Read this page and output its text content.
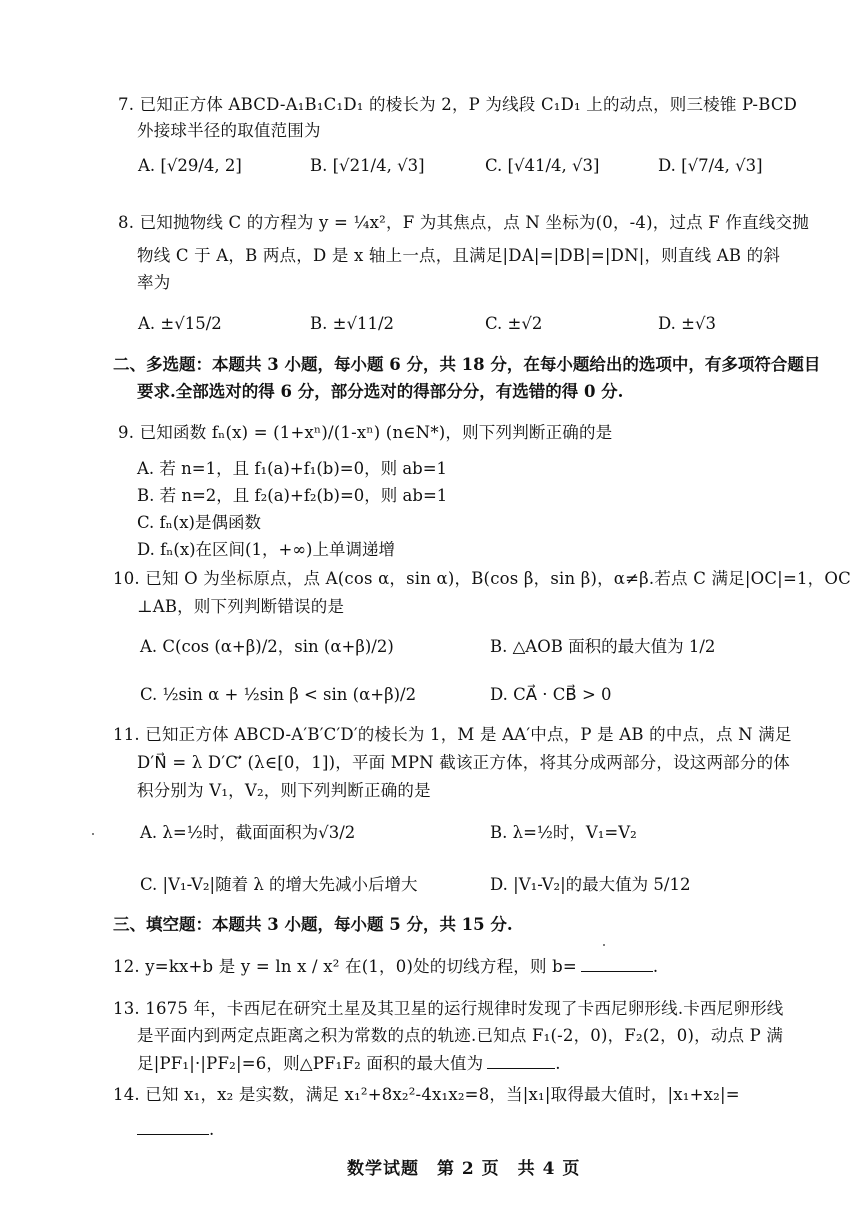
7. 已知正方体 ABCD-A₁B₁C₁D₁ 的棱长为 2，P 为线段 C₁D₁ 上的动点，则三棱锥 P-BCD
外接球半径的取值范围为
A. [√29/4, 2]	B. [√21/4, √3]	C. [√41/4, √3]	D. [√7/4, √3]
8. 已知抛物线 C 的方程为 y = ¼x²，F 为其焦点，点 N 坐标为(0，-4)，过点 F 作直线交抛
物线 C 于 A，B 两点，D 是 x 轴上一点，且满足|DA|=|DB|=|DN|，则直线 AB 的斜
率为
A. ±√15/2	B. ±√11/2	C. ±√2	D. ±√3
二、多选题：本题共 3 小题，每小题 6 分，共 18 分，在每小题给出的选项中，有多项符合题目
要求.全部选对的得 6 分，部分选对的得部分分，有选错的得 0 分.
9. 已知函数 fₙ(x) = (1+xⁿ)/(1-xⁿ) (n∈N*)，则下列判断正确的是
A. 若 n=1，且 f₁(a)+f₁(b)=0，则 ab=1
B. 若 n=2，且 f₂(a)+f₂(b)=0，则 ab=1
C. fₙ(x)是偶函数
D. fₙ(x)在区间(1，+∞)上单调递增
10. 已知 O 为坐标原点，点 A(cos α，sin α)，B(cos β，sin β)，α≠β.若点 C 满足|OC|=1，OC
⊥AB，则下列判断错误的是
A. C(cos (α+β)/2，sin (α+β)/2)	B. △AOB 面积的最大值为 1/2
C. ½sin α + ½sin β < sin (α+β)/2	D. CA⃗ · CB⃗ > 0
11. 已知正方体 ABCD-A′B′C′D′的棱长为 1，M 是 AA′中点，P 是 AB 的中点，点 N 满足
D′N⃗ = λ D′C′⃗ (λ∈[0，1])，平面 MPN 截该正方体，将其分成两部分，设这两部分的体
积分别为 V₁，V₂，则下列判断正确的是
A. λ=½时，截面面积为√3/2	B. λ=½时，V₁=V₂
C. |V₁-V₂|随着 λ 的增大先减小后增大	D. |V₁-V₂|的最大值为 5/12
三、填空题：本题共 3 小题，每小题 5 分，共 15 分.
12. y=kx+b 是 y = ln x / x² 在(1，0)处的切线方程，则 b=	.
13. 1675 年，卡西尼在研究土星及其卫星的运行规律时发现了卡西尼卵形线.卡西尼卵形线
是平面内到两定点距离之积为常数的点的轨迹.已知点 F₁(-2，0)，F₂(2，0)，动点 P 满
足|PF₁|·|PF₂|=6，则△PF₁F₂ 面积的最大值为	.
14. 已知 x₁，x₂ 是实数，满足 x₁²+8x₂²-4x₁x₂=8，当|x₁|取得最大值时，|x₁+x₂|=
.
数学试题　第 2 页　共 4 页
